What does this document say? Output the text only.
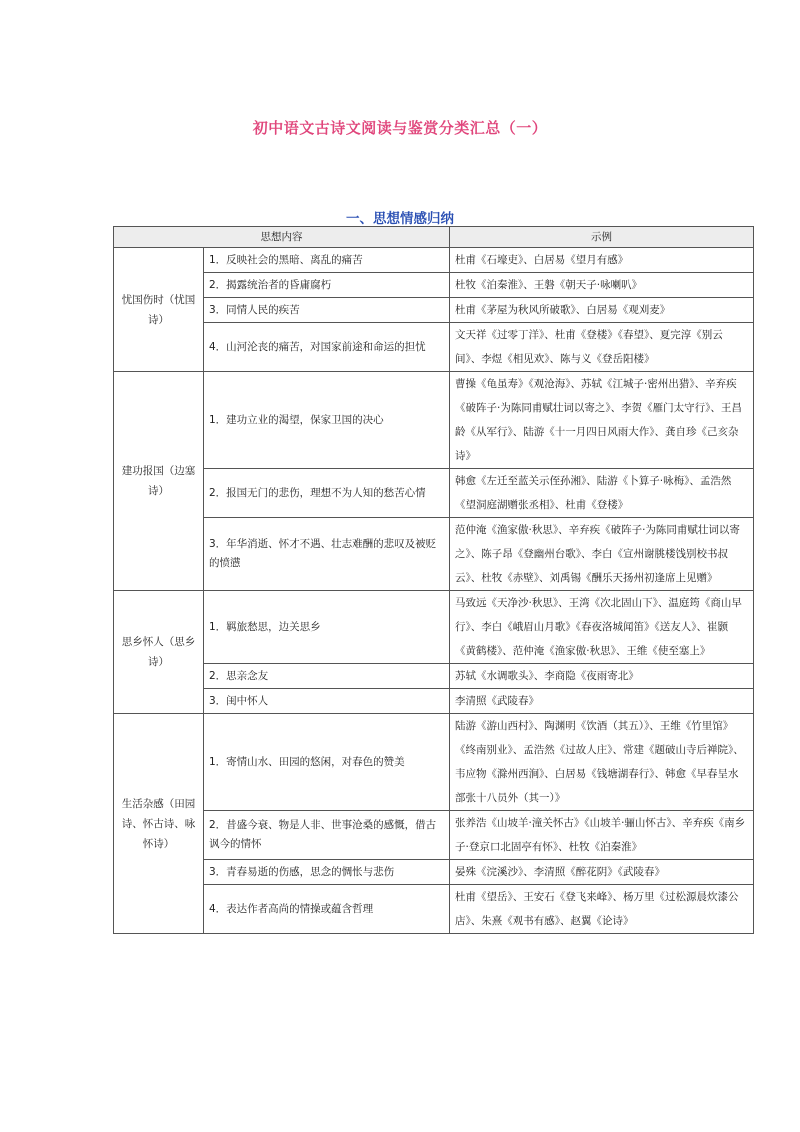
初中语文古诗文阅读与鉴赏分类汇总（一）
一、思想情感归纳
思想内容		示例
忧国伤时（忧国诗）	1．反映社会的黑暗、离乱的痛苦	杜甫《石壕吏》、白居易《望月有感》
	2．揭露统治者的昏庸腐朽	杜牧《泊秦淮》、王磐《朝天子·咏喇叭》
	3．同情人民的疾苦	杜甫《茅屋为秋风所破歌》、白居易《观刈麦》
	4．山河沦丧的痛苦，对国家前途和命运的担忧	文天祥《过零丁洋》、杜甫《登楼》《春望》、夏完淳《别云间》、李煜《相见欢》、陈与义《登岳阳楼》
建功报国（边塞诗）	1．建功立业的渴望，保家卫国的决心	曹操《龟虽寿》《观沧海》、苏轼《江城子·密州出猎》、辛弃疾《破阵子·为陈同甫赋壮词以寄之》、李贺《雁门太守行》、王昌龄《从军行》、陆游《十一月四日风雨大作》、龚自珍《己亥杂诗》
	2．报国无门的悲伤，理想不为人知的愁苦心情	韩愈《左迁至蓝关示侄孙湘》、陆游《卜算子·咏梅》、孟浩然《望洞庭湖赠张丞相》、杜甫《登楼》
	3．年华消逝、怀才不遇、壮志难酬的悲叹及被贬的愤懑	范仲淹《渔家傲·秋思》、辛弃疾《破阵子·为陈同甫赋壮词以寄之》、陈子昂《登幽州台歌》、李白《宣州谢朓楼饯别校书叔云》、杜牧《赤壁》、刘禹锡《酬乐天扬州初逢席上见赠》
思乡怀人（思乡诗）	1．羁旅愁思，边关思乡	马致远《天净沙·秋思》、王湾《次北固山下》、温庭筠《商山早行》、李白《峨眉山月歌》《春夜洛城闻笛》《送友人》、崔颢《黄鹤楼》、范仲淹《渔家傲·秋思》、王维《使至塞上》
	2．思亲念友	苏轼《水调歌头》、李商隐《夜雨寄北》
	3．闺中怀人	李清照《武陵春》
生活杂感（田园诗、怀古诗、咏怀诗）	1．寄情山水、田园的悠闲，对春色的赞美	陆游《游山西村》、陶渊明《饮酒（其五）》、王维《竹里馆》《终南别业》、孟浩然《过故人庄》、常建《题破山寺后禅院》、韦应物《滁州西涧》、白居易《钱塘湖春行》、韩愈《早春呈水部张十八员外（其一）》
	2．昔盛今衰、物是人非、世事沧桑的感慨，借古讽今的情怀	张养浩《山坡羊·潼关怀古》《山坡羊·骊山怀古》、辛弃疾《南乡子·登京口北固亭有怀》、杜牧《泊秦淮》
	3．青春易逝的伤感，思念的惆怅与悲伤	晏殊《浣溪沙》、李清照《醉花阴》《武陵春》
	4．表达作者高尚的情操或蕴含哲理	杜甫《望岳》、王安石《登飞来峰》、杨万里《过松源晨炊漆公店》、朱熹《观书有感》、赵翼《论诗》
